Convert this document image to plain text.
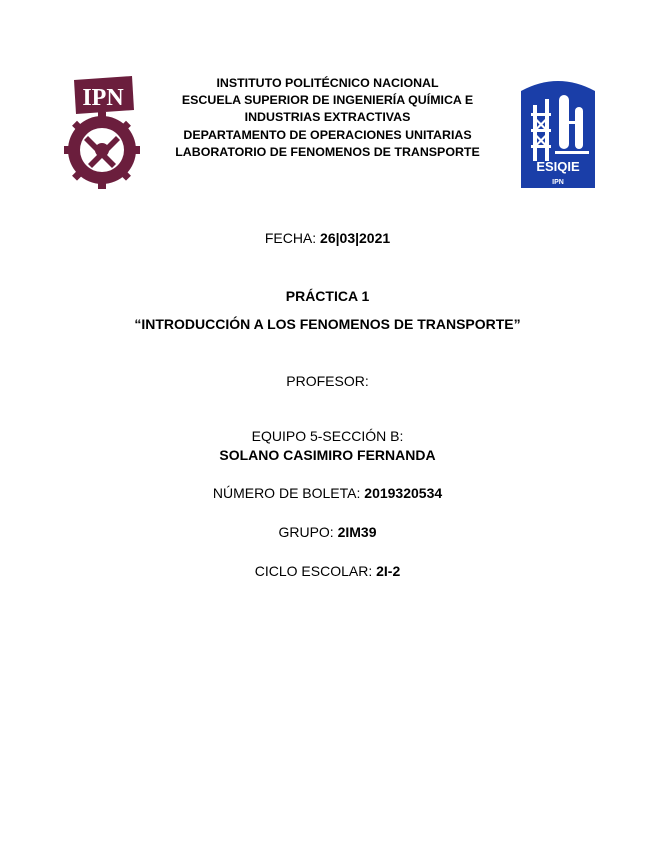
IPN
INSTITUTO POLITÉCNICO NACIONAL
ESCUELA SUPERIOR DE INGENIERÍA QUÍMICA E
INDUSTRIAS EXTRACTIVAS
DEPARTAMENTO DE OPERACIONES UNITARIAS
LABORATORIO DE FENOMENOS DE TRANSPORTE
ESIQIE
IPN
FECHA: 26|03|2021
PRÁCTICA 1
“INTRODUCCIÓN A LOS FENOMENOS DE TRANSPORTE”
PROFESOR:
EQUIPO 5-SECCIÓN B:
SOLANO CASIMIRO FERNANDA
NÚMERO DE BOLETA: 2019320534
GRUPO: 2IM39
CICLO ESCOLAR: 2I-2
